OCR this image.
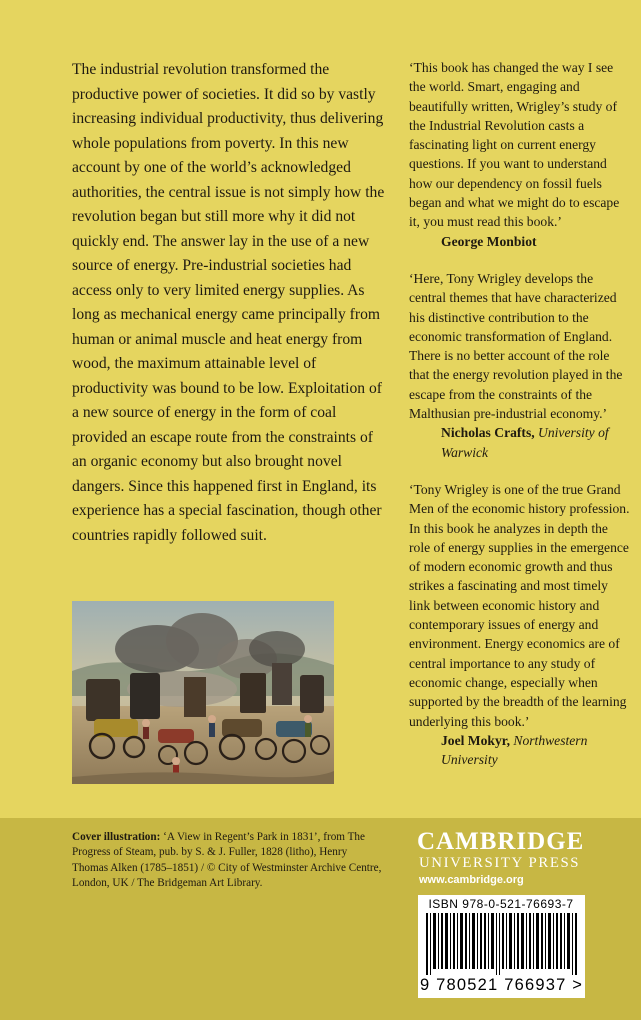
The industrial revolution transformed the productive power of societies. It did so by vastly increasing individual productivity, thus delivering whole populations from poverty. In this new account by one of the world’s acknowledged authorities, the central issue is not simply how the revolution began but still more why it did not quickly end. The answer lay in the use of a new source of energy. Pre-industrial societies had access only to very limited energy supplies. As long as mechanical energy came principally from human or animal muscle and heat energy from wood, the maximum attainable level of productivity was bound to be low. Exploitation of a new source of energy in the form of coal provided an escape route from the constraints of an organic economy but also brought novel dangers. Since this happened first in England, its experience has a special fascination, though other countries rapidly followed suit.

‘This book has changed the way I see the world. Smart, engaging and beautifully written, Wrigley’s study of the Industrial Revolution casts a fascinating light on current energy questions. If you want to understand how our dependency on fossil fuels began and what we might do to escape it, you must read this book.’

George Monbiot

‘Here, Tony Wrigley develops the central themes that have characterized his distinctive contribution to the economic transformation of England. There is no better account of the role that the energy revolution played in the escape from the constraints of the Malthusian pre-industrial economy.’

Nicholas Crafts, University of Warwick

‘Tony Wrigley is one of the true Grand Men of the economic history profession. In this book he analyzes in depth the role of energy supplies in the emergence of modern economic growth and thus strikes a fascinating and most timely link between economic history and contemporary issues of energy and environment. Energy economics are of central importance to any study of economic change, especially when supported by the breadth of the learning underlying this book.’

Joel Mokyr, Northwestern University

Cover illustration: ‘A View in Regent’s Park in 1831’, from The Progress of Steam, pub. by S. & J. Fuller, 1828 (litho), Henry Thomas Alken (1785–1851) / © City of Westminster Archive Centre, London, UK / The Bridgeman Art Library.

CAMBRIDGE
UNIVERSITY PRESS
www.cambridge.org
ISBN 978-0-521-76693-7
9 780521 766937 >
